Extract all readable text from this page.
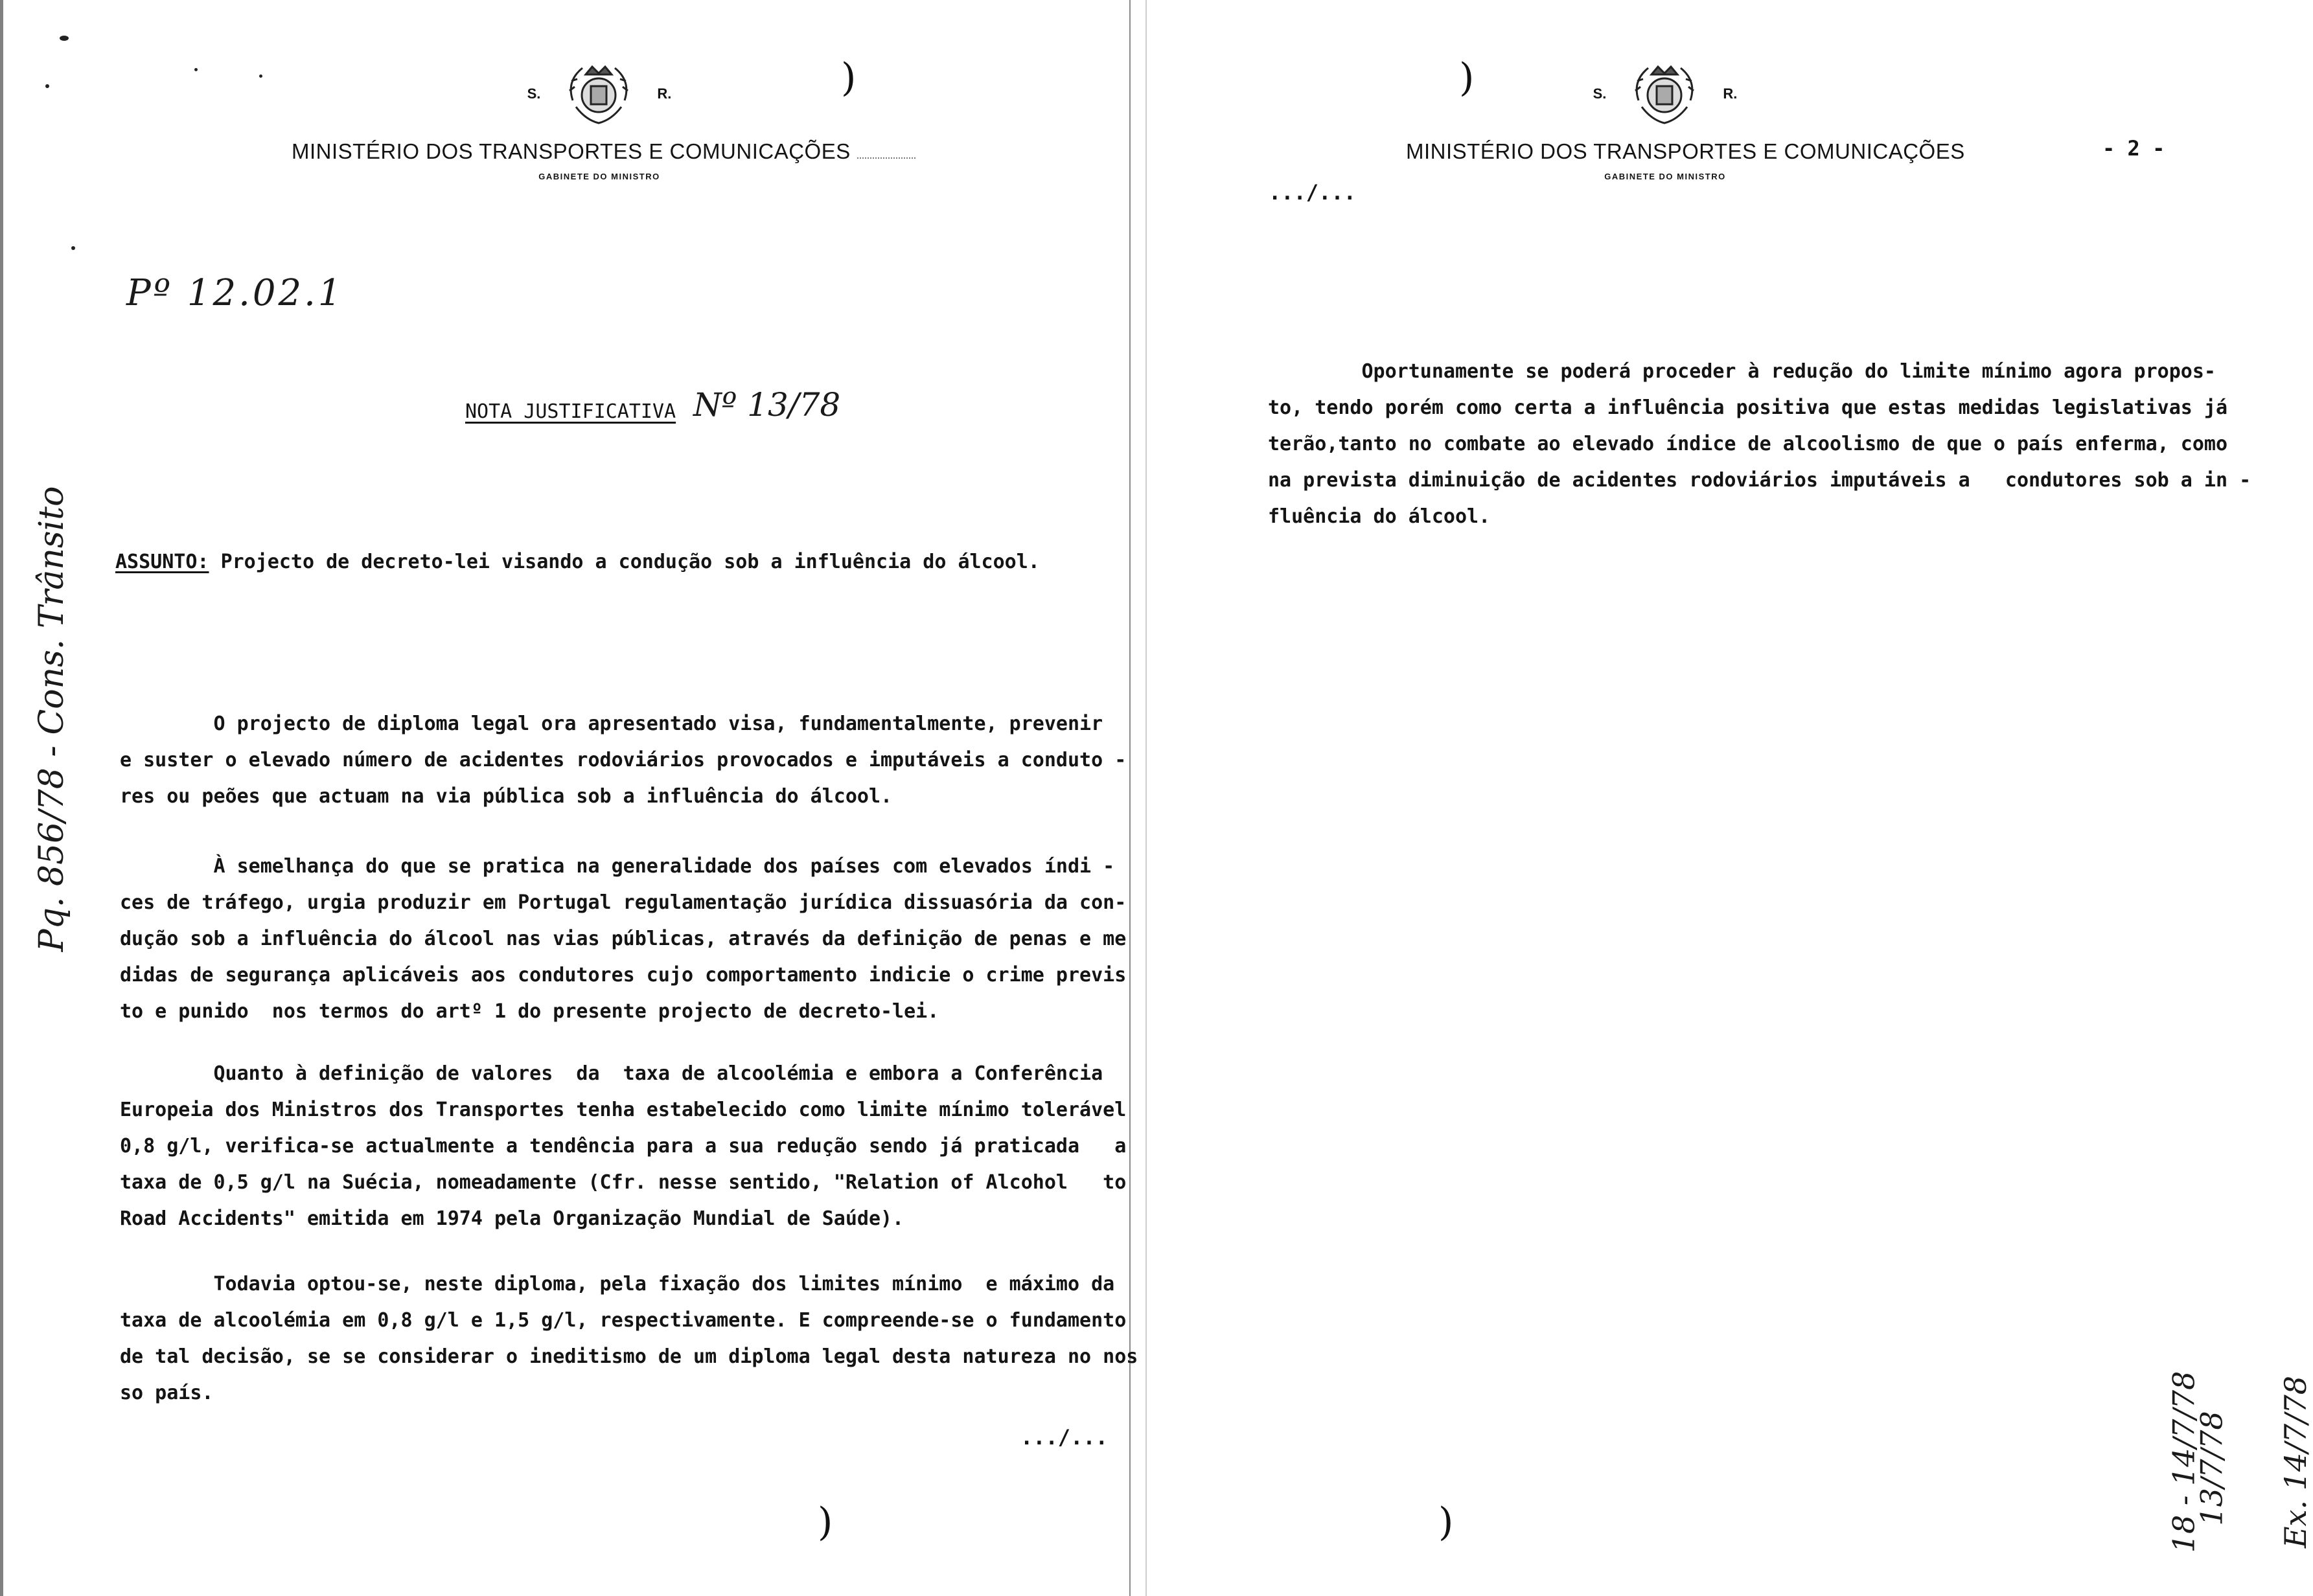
S.	R.
MINISTÉRIO DOS TRANSPORTES E COMUNICAÇÕES
GABINETE DO MINISTRO
)
Pº 12.02.1
NOTA JUSTIFICATIVA Nº 13/78
Pq. 856/78 - Cons. Trânsito ASSUNTO: Projecto de decreto-lei visando a condução sob a influência do álcool.
O projecto de diploma legal ora apresentado visa, fundamentalmente, prevenir
e suster o elevado número de acidentes rodoviários provocados e imputáveis a conduto -
res ou peões que actuam na via pública sob a influência do álcool.
À semelhança do que se pratica na generalidade dos países com elevados índi -
ces de tráfego, urgia produzir em Portugal regulamentação jurídica dissuasória da con-
dução sob a influência do álcool nas vias públicas, através da definição de penas e me
didas de segurança aplicáveis aos condutores cujo comportamento indicie o crime previs
to e punido  nos termos do artº 1 do presente projecto de decreto-lei.
Quanto à definição de valores  da  taxa de alcoolémia e embora a Conferência
Europeia dos Ministros dos Transportes tenha estabelecido como limite mínimo tolerável
0,8 g/l, verifica-se actualmente a tendência para a sua redução sendo já praticada   a
taxa de 0,5 g/l na Suécia, nomeadamente (Cfr. nesse sentido, "Relation of Alcohol   to
Road Accidents" emitida em 1974 pela Organização Mundial de Saúde).
Todavia optou-se, neste diploma, pela fixação dos limites mínimo  e máximo da
taxa de alcoolémia em 0,8 g/l e 1,5 g/l, respectivamente. E compreende-se o fundamento
de tal decisão, se se considerar o ineditismo de um diploma legal desta natureza no nos
so país.
.../...
)
S.	R.
MINISTÉRIO DOS TRANSPORTES E COMUNICAÇÕES
GABINETE DO MINISTRO
)
)
.../...
- 2 -
Oportunamente se poderá proceder à redução do limite mínimo agora propos-
to, tendo porém como certa a influência positiva que estas medidas legislativas já
terão,tanto no combate ao elevado índice de alcoolismo de que o país enferma, como
na prevista diminuição de acidentes rodoviários imputáveis a   condutores sob a in -
fluência do álcool.
18 - 14/7/78
13/7/78 Ex. 14/7/78
